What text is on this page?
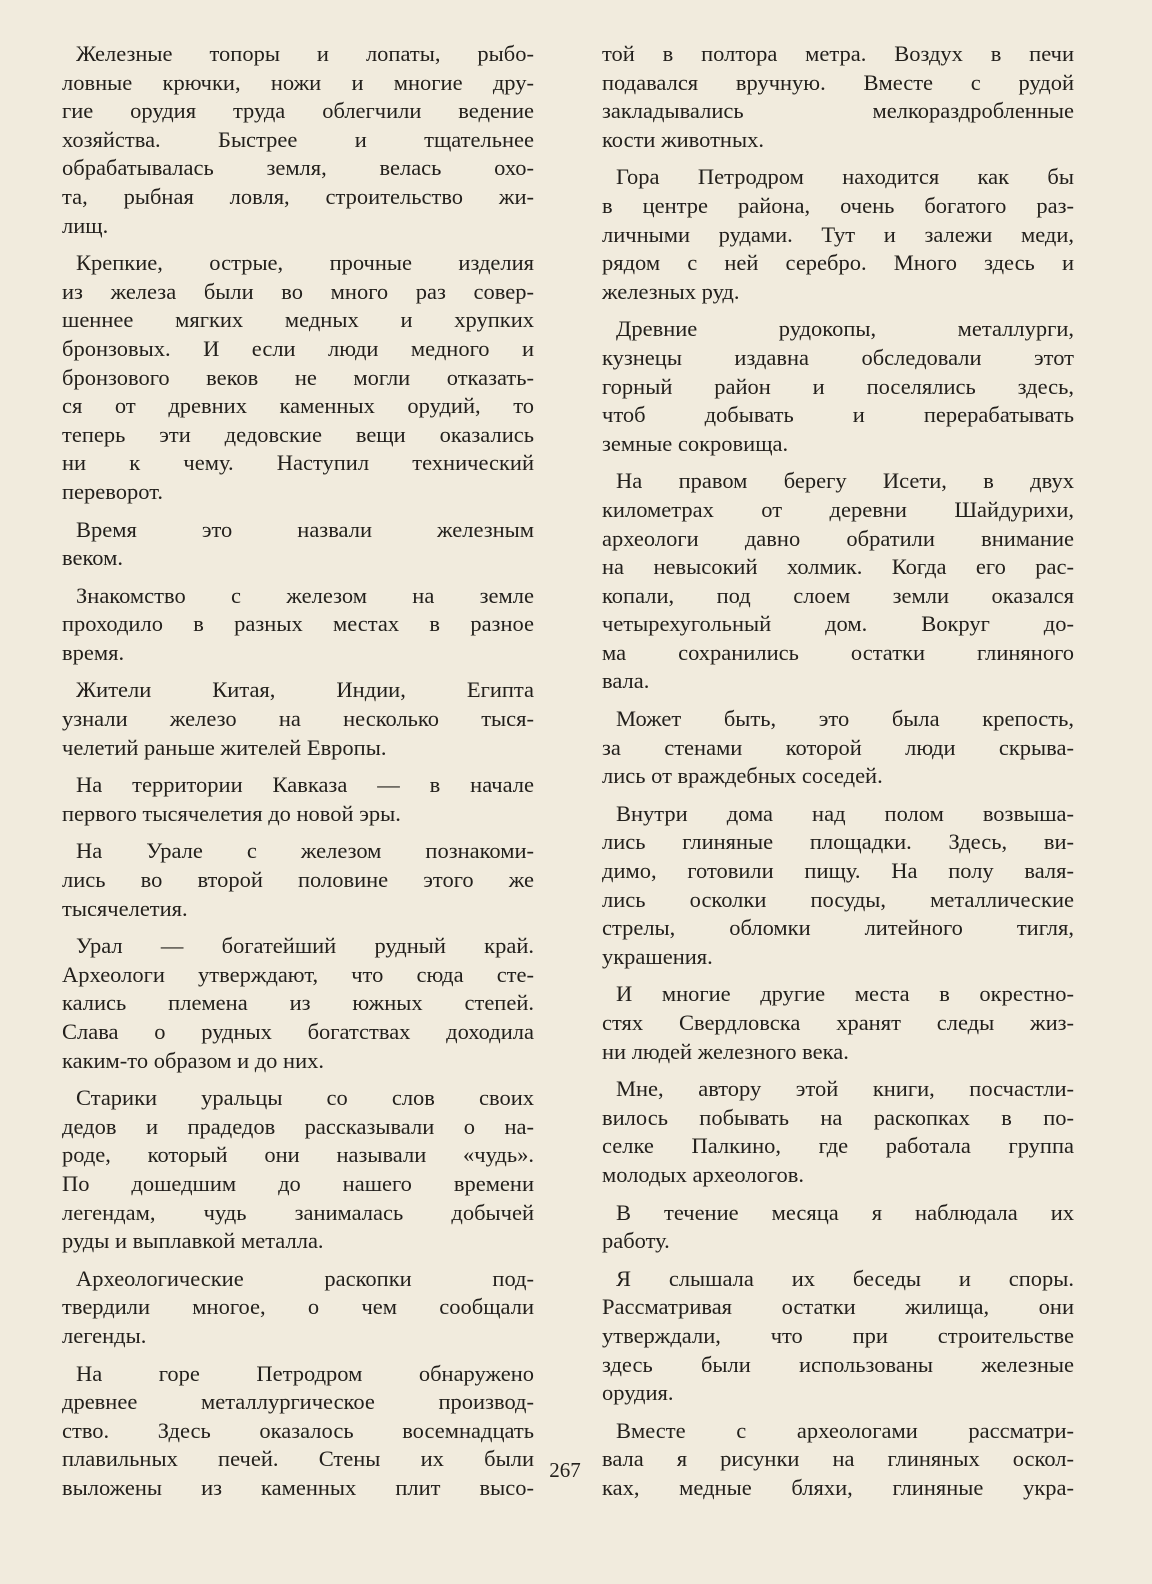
Железные топоры и лопаты, рыбо-
ловные крючки, ножи и многие дру-
гие орудия труда облегчили ведение
хозяйства. Быстрее и тщательнее
обрабатывалась земля, велась охо-
та, рыбная ловля, строительство жи-
лищ.
Крепкие, острые, прочные изделия
из железа были во много раз совер-
шеннее мягких медных и хрупких
бронзовых. И если люди медного и
бронзового веков не могли отказать-
ся от древних каменных орудий, то
теперь эти дедовские вещи оказались
ни к чему. Наступил технический
переворот.
Время это назвали железным
веком.
Знакомство с железом на земле
проходило в разных местах в разное
время.
Жители Китая, Индии, Египта
узнали железо на несколько тыся-
челетий раньше жителей Европы.
На территории Кавказа — в начале
первого тысячелетия до новой эры.
На Урале с железом познакоми-
лись во второй половине этого же
тысячелетия.
Урал — богатейший рудный край.
Археологи утверждают, что сюда сте-
кались племена из южных степей.
Слава о рудных богатствах доходила
каким-то образом и до них.
Старики уральцы со слов своих
дедов и прадедов рассказывали о на-
роде, который они называли «чудь».
По дошедшим до нашего времени
легендам, чудь занималась добычей
руды и выплавкой металла.
Археологические раскопки под-
твердили многое, о чем сообщали
легенды.
На горе Петродром обнаружено
древнее металлургическое производ-
ство. Здесь оказалось восемнадцать
плавильных печей. Стены их были
выложены из каменных плит высо-
той в полтора метра. Воздух в печи
подавался вручную. Вместе с рудой
закладывались мелкораздробленные
кости животных.
Гора Петродром находится как бы
в центре района, очень богатого раз-
личными рудами. Тут и залежи меди,
рядом с ней серебро. Много здесь и
железных руд.
Древние рудокопы, металлурги,
кузнецы издавна обследовали этот
горный район и поселялись здесь,
чтоб добывать и перерабатывать
земные сокровища.
На правом берегу Исети, в двух
километрах от деревни Шайдурихи,
археологи давно обратили внимание
на невысокий холмик. Когда его рас-
копали, под слоем земли оказался
четырехугольный дом. Вокруг до-
ма сохранились остатки глиняного
вала.
Может быть, это была крепость,
за стенами которой люди скрыва-
лись от враждебных соседей.
Внутри дома над полом возвыша-
лись глиняные площадки. Здесь, ви-
димо, готовили пищу. На полу валя-
лись осколки посуды, металлические
стрелы, обломки литейного тигля,
украшения.
И многие другие места в окрестно-
стях Свердловска хранят следы жиз-
ни людей железного века.
Мне, автору этой книги, посчастли-
вилось побывать на раскопках в по-
селке Палкино, где работала группа
молодых археологов.
В течение месяца я наблюдала их
работу.
Я слышала их беседы и споры.
Рассматривая остатки жилища, они
утверждали, что при строительстве
здесь были использованы железные
орудия.
Вместе с археологами рассматри-
вала я рисунки на глиняных оскол-
ках, медные бляхи, глиняные укра-
267
